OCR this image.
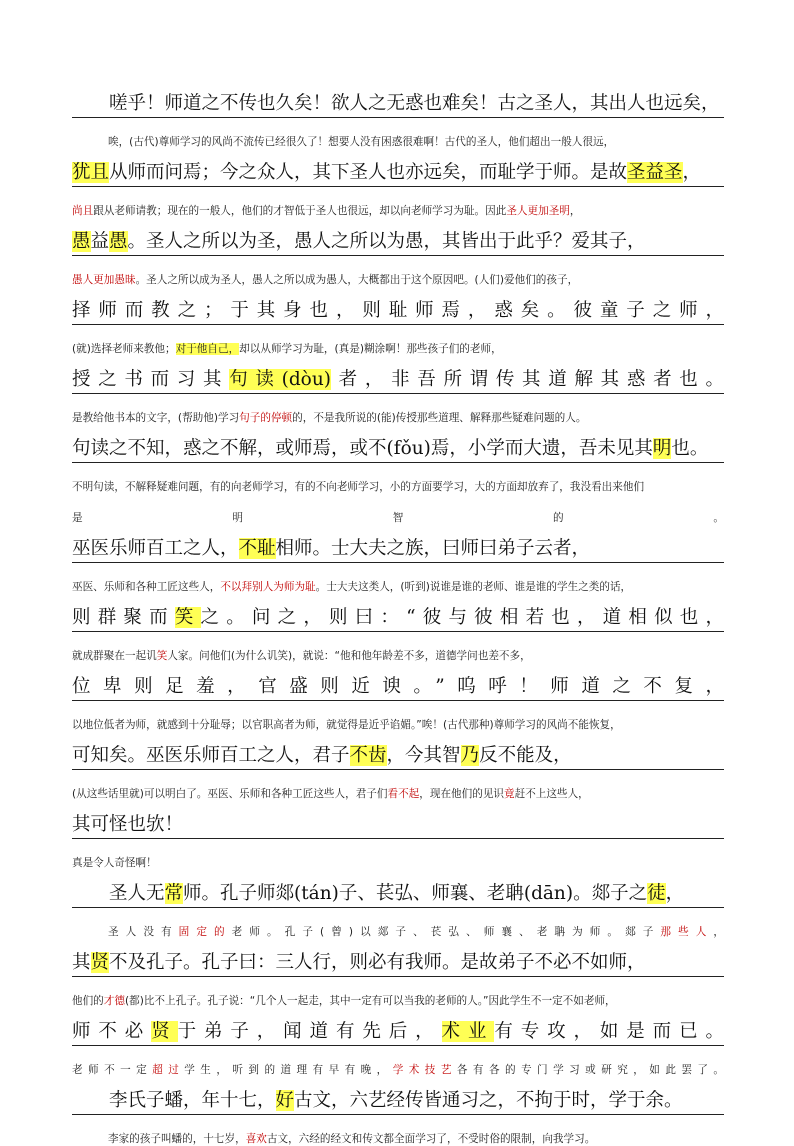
嗟乎！师道之不传也久矣！欲人之无惑也难矣！古之圣人，其出人也远矣，
唉，(古代)尊师学习的风尚不流传已经很久了！想要人没有困惑很难啊！古代的圣人，他们超出一般人很远，
犹且从师而问焉；今之众人，其下圣人也亦远矣，而耻学于师。是故圣益圣，
尚且跟从老师请教；现在的一般人，他们的才智低于圣人也很远，却以向老师学习为耻。因此圣人更加圣明，
愚益愚。圣人之所以为圣，愚人之所以为愚，其皆出于此乎？爱其子，
愚人更加愚昧。圣人之所以成为圣人，愚人之所以成为愚人，大概都出于这个原因吧。(人们)爱他们的孩子，
择师而教之；于其身也，则耻师焉，惑矣。彼童子之师，
(就)选择老师来教他；对于他自己，却以从师学习为耻，(真是)糊涂啊！那些孩子们的老师，
授之书而习其句读(dòu)者，非吾所谓传其道解其惑者也。
是教给他书本的文字，(帮助他)学习句子的停顿的，不是我所说的(能)传授那些道理、解释那些疑难问题的人。
句读之不知，惑之不解，或师焉，或不(fǒu)焉，小学而大遗，吾未见其明也。
不明句读，不解释疑难问题，有的向老师学习，有的不向老师学习，小的方面要学习，大的方面却放弃了，我没看出来他们
是 明 智 的 。
巫医乐师百工之人，不耻相师。士大夫之族，曰师曰弟子云者，
巫医、乐师和各种工匠这些人，不以拜别人为师为耻。士大夫这类人，(听到)说谁是谁的老师、谁是谁的学生之类的话，
则群聚而笑之。问之，则曰：“彼与彼相若也，道相似也，
就成群聚在一起讥笑人家。问他们(为什么讥笑)，就说：“他和他年龄差不多，道德学问也差不多，
位卑则足羞，官盛则近谀。”呜呼！师道之不复，
以地位低者为师，就感到十分耻辱；以官职高者为师，就觉得是近乎谄媚。”唉！(古代那种)尊师学习的风尚不能恢复，
可知矣。巫医乐师百工之人，君子不齿，今其智乃反不能及，
(从这些话里就)可以明白了。巫医、乐师和各种工匠这些人，君子们看不起，现在他们的见识竟赶不上这些人，
其可怪也欤！
真是令人奇怪啊！
圣人无常师。孔子师郯(tán)子、苌弘、师襄、老聃(dān)。郯子之徒，
圣人没有固定的老师。孔子(曾)以郯子、苌弘、师襄、老聃为师。郯子那些人，
其贤不及孔子。孔子曰：三人行，则必有我师。是故弟子不必不如师，
他们的才德(都)比不上孔子。孔子说：“几个人一起走，其中一定有可以当我的老师的人。”因此学生不一定不如老师，
师不必贤于弟子，闻道有先后，术业有专攻，如是而已。
老师不一定超过学生，听到的道理有早有晚，学术技艺各有各的专门学习或研究，如此罢了。
李氏子蟠，年十七，好古文，六艺经传皆通习之，不拘于时，学于余。
李家的孩子叫蟠的，十七岁，喜欢古文，六经的经文和传文都全面学习了，不受时俗的限制，向我学习。
